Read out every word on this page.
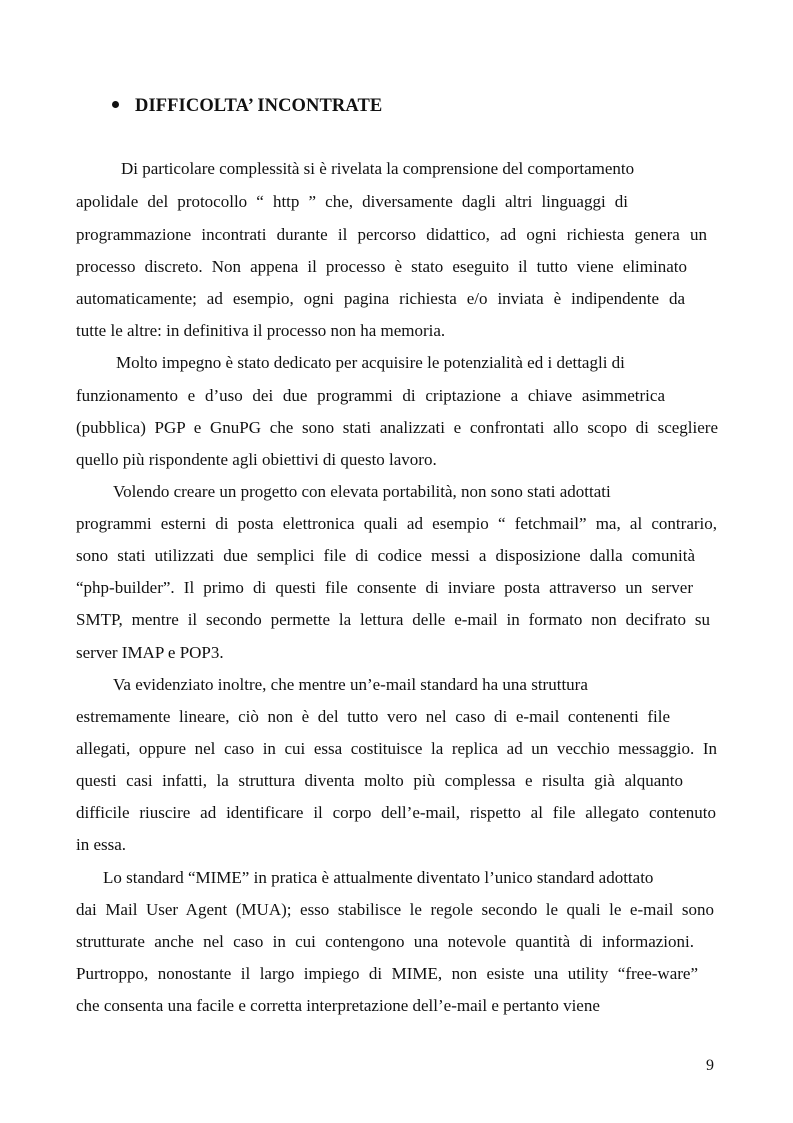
DIFFICOLTA’ INCONTRATE
Di particolare complessità si è rivelata la comprensione del comportamento
apolidale del protocollo “ http ” che, diversamente dagli altri linguaggi di
programmazione incontrati durante il percorso didattico, ad ogni richiesta genera un
processo discreto. Non appena il processo è stato eseguito il tutto viene eliminato
automaticamente; ad esempio, ogni pagina richiesta e/o inviata è indipendente da
tutte le altre: in definitiva il processo non ha memoria.
Molto impegno è stato dedicato per acquisire le potenzialità ed i dettagli di
funzionamento e d’uso dei due programmi di criptazione a chiave asimmetrica
(pubblica) PGP e GnuPG che sono stati analizzati e confrontati allo scopo di scegliere
quello più rispondente agli obiettivi di questo lavoro.
Volendo creare un progetto con elevata portabilità, non sono stati adottati
programmi esterni di posta elettronica quali ad esempio “ fetchmail” ma, al contrario,
sono stati utilizzati due semplici file di codice messi a disposizione dalla comunità
“php-builder”. Il primo di questi file consente di inviare posta attraverso un server
SMTP, mentre il secondo permette la lettura delle e-mail in formato non decifrato su
server IMAP e POP3.
Va evidenziato inoltre, che mentre un’e-mail standard ha una struttura
estremamente lineare, ciò non è del tutto vero nel caso di e-mail contenenti file
allegati, oppure nel caso in cui essa costituisce la replica ad un vecchio messaggio. In
questi casi infatti, la struttura diventa molto più complessa e risulta già alquanto
difficile riuscire ad identificare il corpo dell’e-mail, rispetto al file allegato contenuto
in essa.
Lo standard “MIME” in pratica è attualmente diventato l’unico standard adottato
dai Mail User Agent (MUA); esso stabilisce le regole secondo le quali le e-mail sono
strutturate anche nel caso in cui contengono una notevole quantità di informazioni.
Purtroppo, nonostante il largo impiego di MIME, non esiste una utility “free-ware”
che consenta una facile e corretta interpretazione dell’e-mail e pertanto viene
9
